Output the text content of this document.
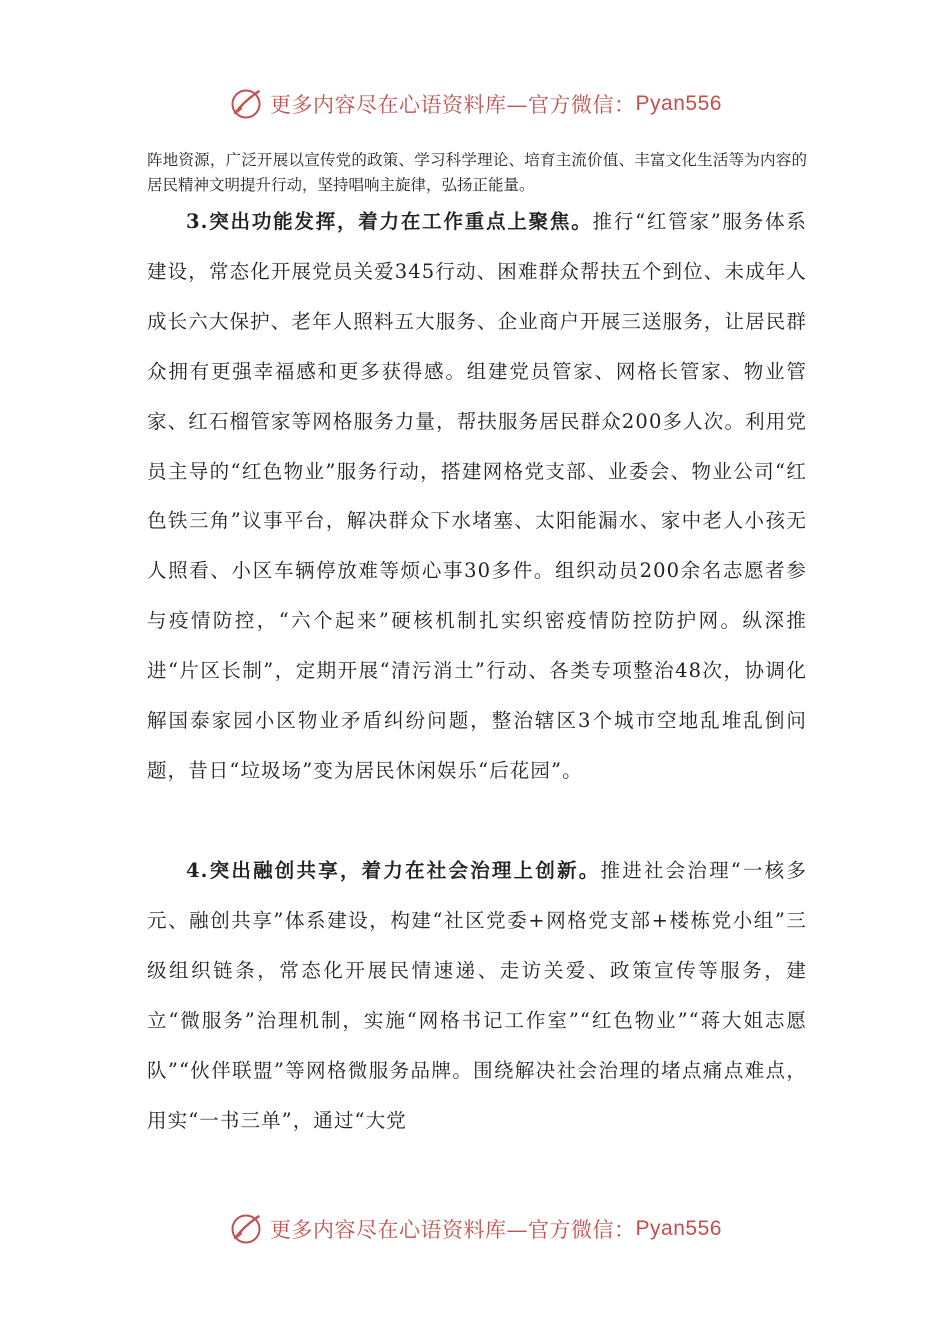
更多内容尽在心语资料库—官方微信： Pyan556

阵地资源，广泛开展以宣传党的政策、学习科学理论、培育主流价值、丰富文化生活等为内容的居民精神文明提升行动，坚持唱响主旋律，弘扬正能量。

3.突出功能发挥，着力在工作重点上聚焦。推行“红管家”服务体系建设，常态化开展党员关爱345行动、困难群众帮扶五个到位、未成年人成长六大保护、老年人照料五大服务、企业商户开展三送服务，让居民群众拥有更强幸福感和更多获得感。组建党员管家、网格长管家、物业管家、红石榴管家等网格服务力量，帮扶服务居民群众200多人次。利用党员主导的“红色物业”服务行动，搭建网格党支部、业委会、物业公司“红色铁三角”议事平台，解决群众下水堵塞、太阳能漏水、家中老人小孩无人照看、小区车辆停放难等烦心事30多件。组织动员200余名志愿者参与疫情防控，“六个起来”硬核机制扎实织密疫情防控防护网。纵深推进“片区长制”，定期开展“清污消土”行动、各类专项整治48次，协调化解国泰家园小区物业矛盾纠纷问题，整治辖区3个城市空地乱堆乱倒问题，昔日“垃圾场”变为居民休闲娱乐“后花园”。

4.突出融创共享，着力在社会治理上创新。推进社会治理“一核多元、融创共享”体系建设，构建“社区党委+网格党支部+楼栋党小组”三级组织链条，常态化开展民情速递、走访关爱、政策宣传等服务，建立“微服务”治理机制，实施“网格书记工作室”“红色物业”“蒋大姐志愿队”“伙伴联盟”等网格微服务品牌。围绕解决社会治理的堵点痛点难点，用实“一书三单”，通过“大党

更多内容尽在心语资料库—官方微信： Pyan556
